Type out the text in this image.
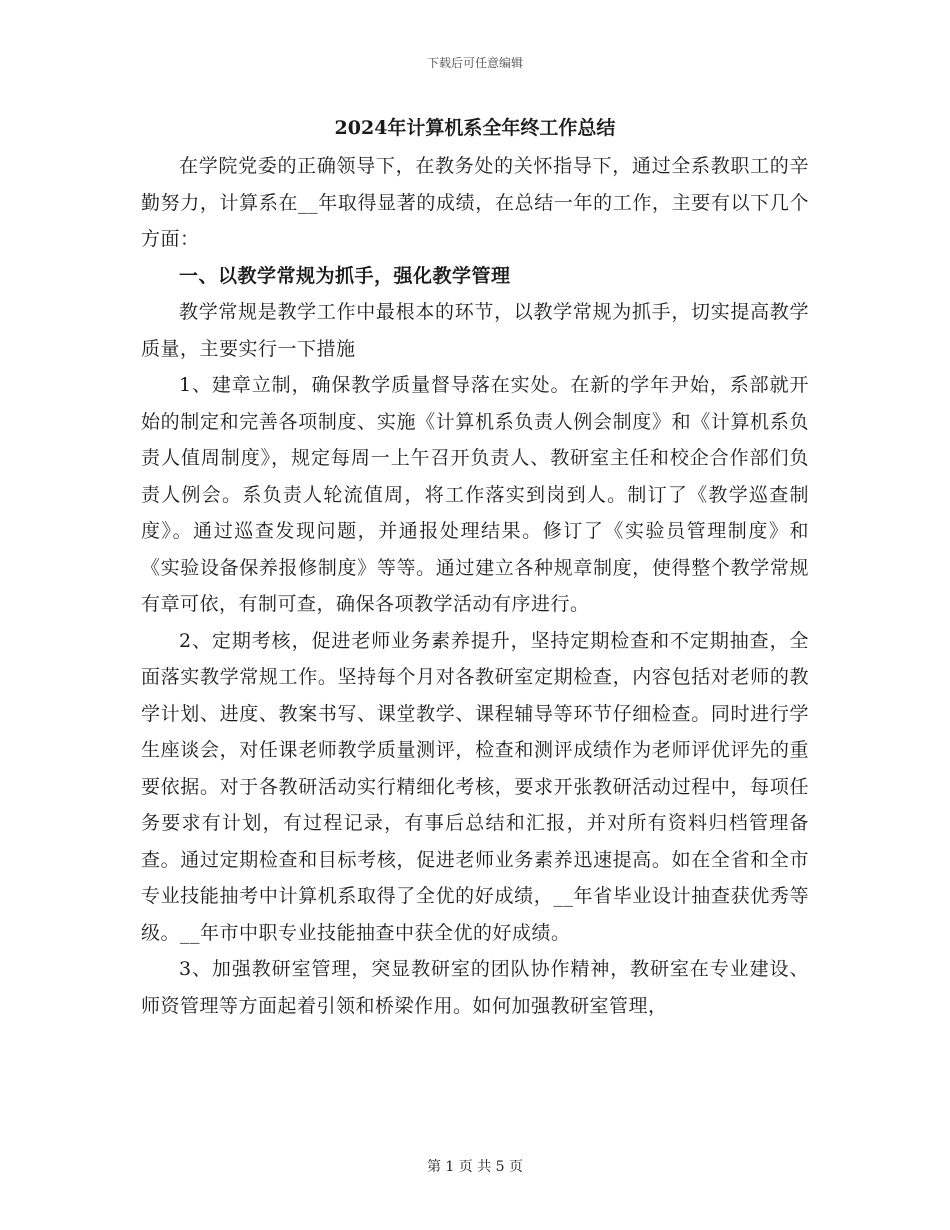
下载后可任意编辑
2024年计算机系全年终工作总结

在学院党委的正确领导下，在教务处的关怀指导下，通过全系教职工的辛勤努力，计算系在__年取得显著的成绩，在总结一年的工作，主要有以下几个方面：

一、以教学常规为抓手，强化教学管理

教学常规是教学工作中最根本的环节，以教学常规为抓手，切实提高教学质量，主要实行一下措施

1、建章立制，确保教学质量督导落在实处。在新的学年尹始，系部就开始的制定和完善各项制度、实施《计算机系负责人例会制度》和《计算机系负责人值周制度》，规定每周一上午召开负责人、教研室主任和校企合作部们负责人例会。系负责人轮流值周，将工作落实到岗到人。制订了《教学巡查制度》。通过巡查发现问题，并通报处理结果。修订了《实验员管理制度》和《实验设备保养报修制度》等等。通过建立各种规章制度，使得整个教学常规有章可依，有制可查，确保各项教学活动有序进行。

2、定期考核，促进老师业务素养提升，坚持定期检查和不定期抽查，全面落实教学常规工作。坚持每个月对各教研室定期检查，内容包括对老师的教学计划、进度、教案书写、课堂教学、课程辅导等环节仔细检查。同时进行学生座谈会，对任课老师教学质量测评，检查和测评成绩作为老师评优评先的重要依据。对于各教研活动实行精细化考核，要求开张教研活动过程中，每项任务要求有计划，有过程记录，有事后总结和汇报，并对所有资料归档管理备查。通过定期检查和目标考核，促进老师业务素养迅速提高。如在全省和全市专业技能抽考中计算机系取得了全优的好成绩，__年省毕业设计抽查获优秀等级。__年市中职专业技能抽查中获全优的好成绩。

3、加强教研室管理，突显教研室的团队协作精神，教研室在专业建设、师资管理等方面起着引领和桥梁作用。如何加强教研室管理，

第 1 页 共 5 页
